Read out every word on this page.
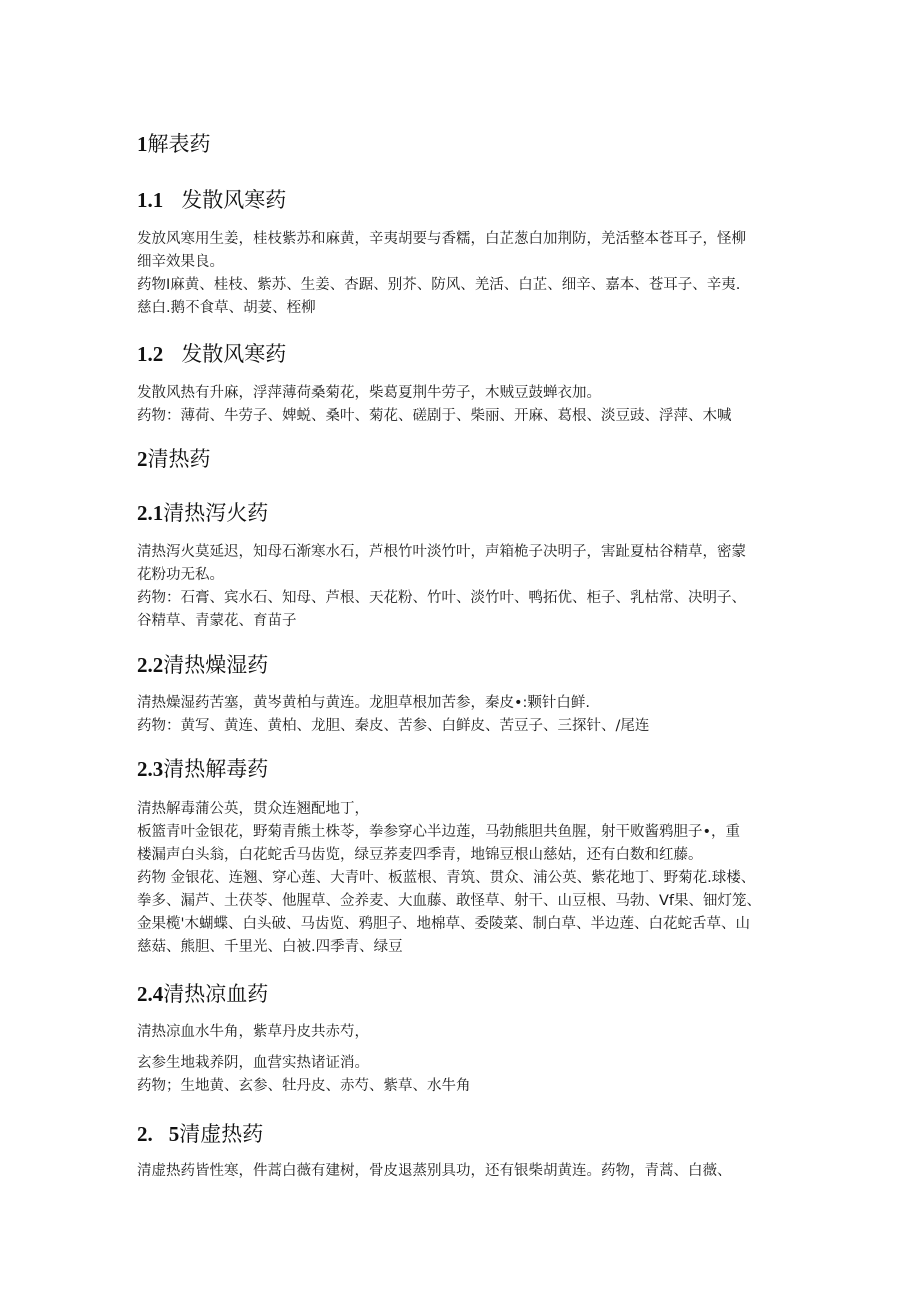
1解表药
1.1 发散风寒药
发放风寒用生姜，桂枝紫苏和麻黄，辛夷胡要与香糯，白芷葱白加荆防，羌活整本苍耳子，怪柳
细辛效果良。
药物I麻黄、桂枝、紫苏、生姜、杏踞、别芥、防风、羌活、白芷、细辛、嘉本、苍耳子、辛夷.
慈白.鹅不食草、胡荽、桎柳
1.2 发散风寒药
发散风热有升麻，浮萍薄荷桑菊花，柴葛夏荆牛劳子，木贼豆鼓蝉衣加。
药物：薄荷、牛劳子、婢蜕、桑叶、菊花、磋剧于、柴丽、开麻、葛根、淡豆豉、浮萍、木喊
2清热药
2.1清热泻火药
清热泻火莫延迟，知母石渐寒水石，芦根竹叶淡竹叶，声箱桅子决明子，害趾夏枯谷精草，密蒙
花粉功无私。
药物：石膏、宾水石、知母、芦根、天花粉、竹叶、淡竹叶、鸭拓优、柜子、乳枯常、决明子、
谷精草、青蒙花、育苗子
2.2清热燥湿药
清热燥湿药苦塞，黄岑黄柏与黄连。龙胆草根加苦参，秦皮•:颗针白鲜.
药物：黄写、黄连、黄柏、龙胆、秦皮、苦参、白鲜皮、苦豆子、三探针、/尾连
2.3清热解毒药
清热解毒蒲公英，贯众连翘配地丁，
板篮青叶金银花，野菊青熊土株苓，拳参穿心半边莲，马勃熊胆共鱼腥，射干败酱鸦胆子•，重
楼漏声白头翁，白花蛇舌马齿览，绿豆荞麦四季青，地锦豆根山慈姑，还有白数和红藤。
药物 金银花、连翘、穿心莲、大青叶、板蓝根、青筑、贯众、浦公英、紫花地丁、野菊花.球楼、
拳多、漏芦、土茯苓、他腥草、佥养麦、大血藤、敢怪草、射干、山豆根、马勃、Vf果、钿灯笼、
金果榄'木蝴蝶、白头破、马齿览、鸦胆子、地棉草、委陵菜、制白草、半边莲、白花蛇舌草、山
慈菇、熊胆、千里光、白被.四季青、绿豆
2.4清热凉血药
清热凉血水牛角，紫草丹皮共赤芍，
玄参生地栽养阴，血营实热诸证消。
药物；生地黄、玄参、牡丹皮、赤芍、紫草、水牛角
2. 5清虚热药
清虚热药皆性寒，件蒿白薇有建树，骨皮退蒸别具功，还有银柴胡黄连。药物，青蒿、白薇、
